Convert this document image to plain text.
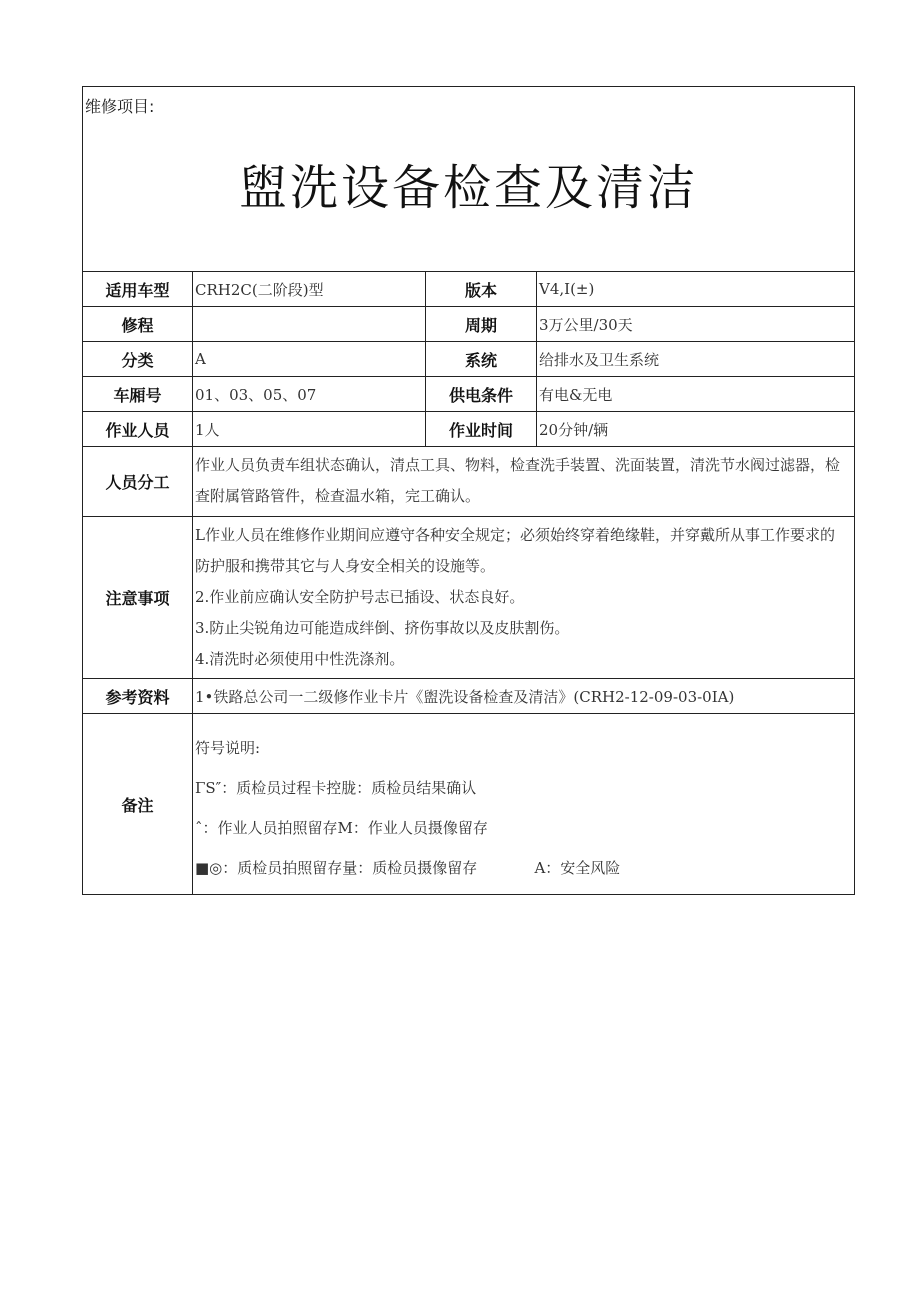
维修项目:
盥洗设备检查及清洁			

适用车型	CRH2C(二阶段)型	版本	V4,I(±)
修程		周期	3万公里/30天
分类	A	系统	给排水及卫生系统
车厢号	01、03、05、07	供电条件	有电&无电
作业人员	1人	作业时间	20分钟/辆
人员分工	作业人员负责车组状态确认，清点工具、物料，检查洗手装置、洗面装置，清洗节水阀过滤器，检查附属管路管件，检查温水箱，完工确认。		

注意事项	L作业人员在维修作业期间应遵守各种安全规定；必须始终穿着绝缘鞋，并穿戴所从事工作要求的防护服和携带其它与人身安全相关的设施等。

2.作业前应确认安全防护号志已插设、状态良好。

3.防止尖锐角边可能造成绊倒、挤伤事故以及皮肤割伤。

4.清洗时必须使用中性洗涤剂。		

参考资料	1•铁路总公司一二级修作业卡片《盥洗设备检查及清洁》(CRH2-12-09-03-0IA)		
备注	符号说明:

ΓS″：质检员过程卡控胧：质检员结果确认

ˆ：作业人员拍照留存M：作业人员摄像留存

■◎：质检员拍照留存量：质检员摄像留存            A：安全风险		
